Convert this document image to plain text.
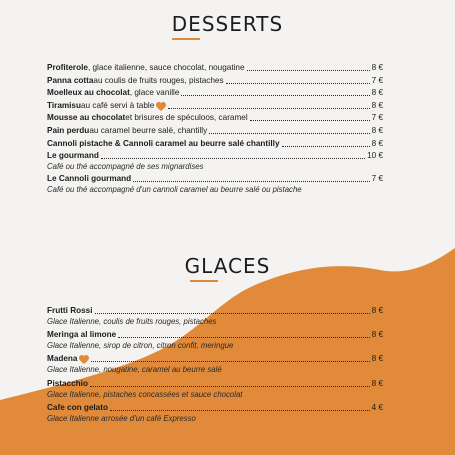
DESSERTS
Profiterole , glace italienne, sauce chocolat, nougatine	8 €
Panna cotta au coulis de fruits rouges, pistaches	7 €
Moelleux au chocolat , glace vanille	8 €
Tiramisu au café servi à table	8 €
Mousse au chocolat et brisures de spéculoos, caramel	7 €
Pain perdu au caramel beurre salé, chantilly	8 €
Cannoli pistache & Cannoli caramel au beurre salé chantilly	8 €
Le gourmand	10 €
Café ou thé accompagné de ses mignardises
Le Cannoli gourmand	7 €
Café ou thé accompagné d'un cannoli caramel au beurre salé ou pistache
GLACES
Frutti Rossi	8 €
Glace Italienne, coulis de fruits rouges, pistaches
Meringa al limone	8 €
Glace Italienne, sirop de citron, citron confit, meringue
Madena	8 €
Glace Italienne, nougatine, caramel au beurre salé
Pistacchio	8 €
Glace Italienne, pistaches concassées et sauce chocolat
Cafe con gelato	4 €
Glace Italienne arrosée d'un café Expresso
